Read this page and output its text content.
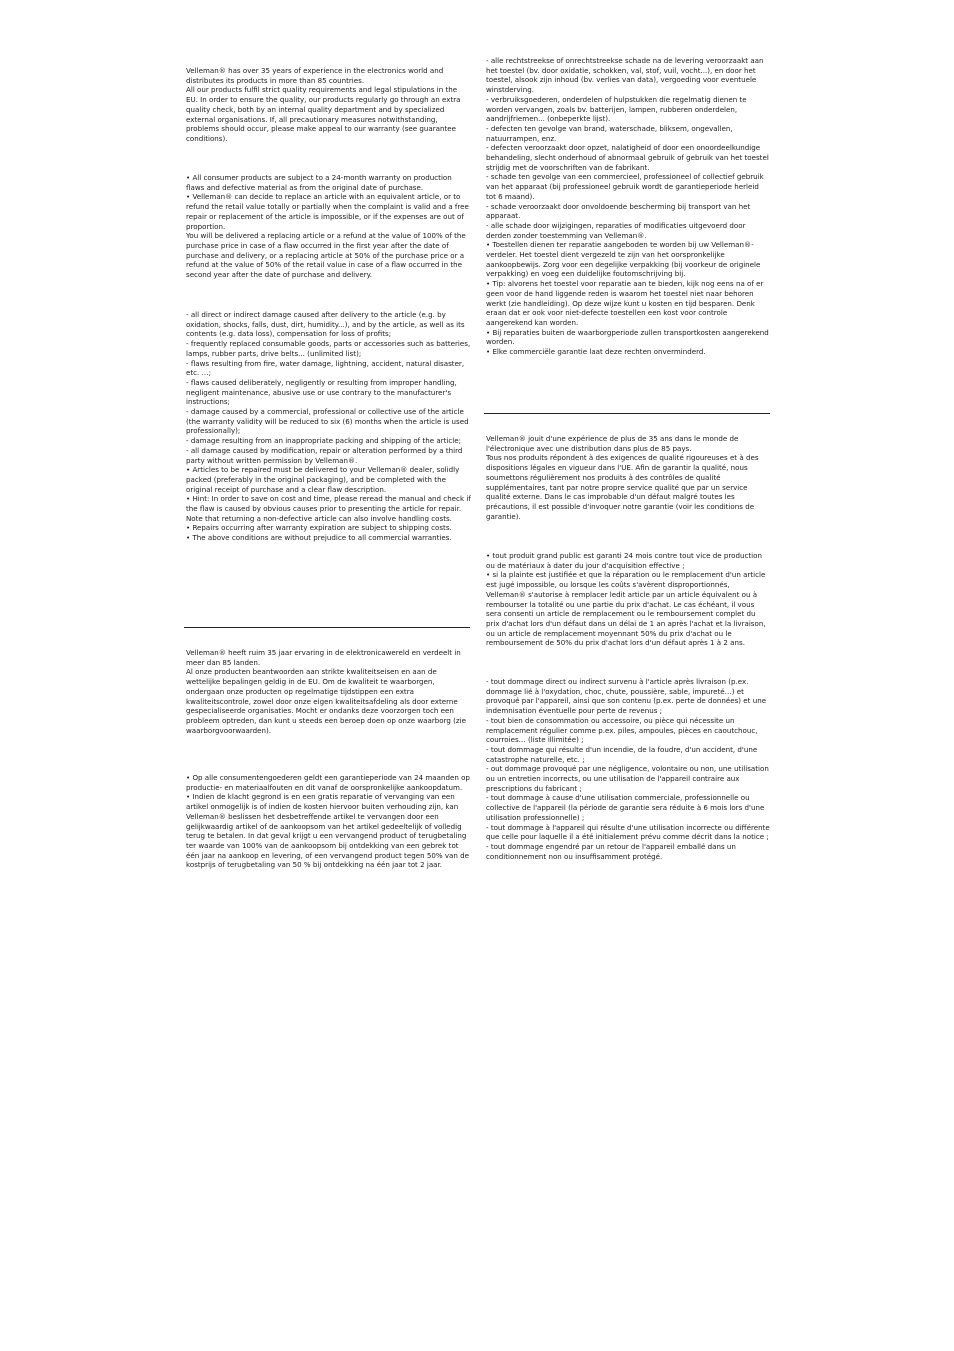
Velleman® has over 35 years of experience in the electronics world and distributes its products in more than 85 countries.

All our products fulfil strict quality requirements and legal stipulations in the EU. In order to ensure the quality, our products regularly go through an extra quality check, both by an internal quality department and by specialized external organisations. If, all precautionary measures notwithstanding, problems should occur, please make appeal to our warranty (see guarantee conditions).

• All consumer products are subject to a 24-month warranty on production flaws and defective material as from the original date of purchase.

• Velleman® can decide to replace an article with an equivalent article, or to refund the retail value totally or partially when the complaint is valid and a free repair or replacement of the article is impossible, or if the expenses are out of proportion.

You will be delivered a replacing article or a refund at the value of 100% of the purchase price in case of a flaw occurred in the first year after the date of purchase and delivery, or a replacing article at 50% of the purchase price or a refund at the value of 50% of the retail value in case of a flaw occurred in the second year after the date of purchase and delivery.

- all direct or indirect damage caused after delivery to the article (e.g. by oxidation, shocks, falls, dust, dirt, humidity...), and by the article, as well as its contents (e.g. data loss), compensation for loss of profits;

- frequently replaced consumable goods, parts or accessories such as batteries, lamps, rubber parts, drive belts... (unlimited list);

- flaws resulting from fire, water damage, lightning, accident, natural disaster, etc. …;

- flaws caused deliberately, negligently or resulting from improper handling, negligent maintenance, abusive use or use contrary to the manufacturer's instructions;

- damage caused by a commercial, professional or collective use of the article (the warranty validity will be reduced to six (6) months when the article is used professionally);

- damage resulting from an inappropriate packing and shipping of the article;

- all damage caused by modification, repair or alteration performed by a third party without written permission by Velleman®.

• Articles to be repaired must be delivered to your Velleman® dealer, solidly packed (preferably in the original packaging), and be completed with the original receipt of purchase and a clear flaw description.

• Hint: In order to save on cost and time, please reread the manual and check if the flaw is caused by obvious causes prior to presenting the article for repair. Note that returning a non-defective article can also involve handling costs.

• Repairs occurring after warranty expiration are subject to shipping costs.

• The above conditions are without prejudice to all commercial warranties.

Velleman® heeft ruim 35 jaar ervaring in de elektronicawereld en verdeelt in meer dan 85 landen.

Al onze producten beantwoorden aan strikte kwaliteitseisen en aan de wettelijke bepalingen geldig in de EU. Om de kwaliteit te waarborgen,

ondergaan onze producten op regelmatige tijdstippen een extra kwaliteitscontrole, zowel door onze eigen kwaliteitsafdeling als door externe gespecialiseerde organisaties. Mocht er ondanks deze voorzorgen toch een probleem optreden, dan kunt u steeds een beroep doen op onze waarborg (zie waarborgvoorwaarden).

• Op alle consumentengoederen geldt een garantieperiode van 24 maanden op productie- en materiaalfouten en dit vanaf de oorspronkelijke aankoopdatum.

• Indien de klacht gegrond is en een gratis reparatie of vervanging van een artikel onmogelijk is of indien de kosten hiervoor buiten verhouding zijn, kan Velleman® beslissen het desbetreffende artikel te vervangen door een gelijkwaardig artikel of de aankoopsom van het artikel gedeeltelijk of volledig terug te betalen. In dat geval krijgt u een vervangend product of terugbetaling ter waarde van 100% van de aankoopsom bij ontdekking van een gebrek tot één jaar na aankoop en levering, of een vervangend product tegen 50% van de kostprijs of terugbetaling van 50 % bij ontdekking na één jaar tot 2 jaar.

- alle rechtstreekse of onrechtstreekse schade na de levering veroorzaakt aan het toestel (bv. door oxidatie, schokken, val, stof, vuil, vocht...), en door het toestel, alsook zijn inhoud (bv. verlies van data), vergoeding voor eventuele winstderving.

- verbruiksgoederen, onderdelen of hulpstukken die regelmatig dienen te worden vervangen, zoals bv. batterijen, lampen, rubberen onderdelen, aandrijfriemen... (onbeperkte lijst).

- defecten ten gevolge van brand, waterschade, bliksem, ongevallen, natuurrampen, enz.

- defecten veroorzaakt door opzet, nalatigheid of door een onoordeelkundige behandeling, slecht onderhoud of abnormaal gebruik of gebruik van het toestel strijdig met de voorschriften van de fabrikant.

- schade ten gevolge van een commercieel, professioneel of collectief gebruik van het apparaat (bij professioneel gebruik wordt de garantieperiode herleid tot 6 maand).

- schade veroorzaakt door onvoldoende bescherming bij transport van het apparaat.

- alle schade door wijzigingen, reparaties of modificaties uitgevoerd door derden zonder toestemming van Velleman®.

• Toestellen dienen ter reparatie aangeboden te worden bij uw Velleman®-verdeler. Het toestel dient vergezeld te zijn van het oorspronkelijke aankoopbewijs. Zorg voor een degelijke verpakking (bij voorkeur de originele verpakking) en voeg een duidelijke foutomschrijving bij.

• Tip: alvorens het toestel voor reparatie aan te bieden, kijk nog eens na of er geen voor de hand liggende reden is waarom het toestel niet naar behoren werkt (zie handleiding). Op deze wijze kunt u kosten en tijd besparen. Denk eraan dat er ook voor niet-defecte toestellen een kost voor controle aangerekend kan worden.

• Bij reparaties buiten de waarborgperiode zullen transportkosten aangerekend worden.

• Elke commerciële garantie laat deze rechten onverminderd.

Velleman® jouit d'une expérience de plus de 35 ans dans le monde de l'électronique avec une distribution dans plus de 85 pays.

Tous nos produits répondent à des exigences de qualité rigoureuses et à des dispositions légales en vigueur dans l'UE. Afin de garantir la qualité, nous soumettons régulièrement nos produits à des contrôles de qualité supplémentaires, tant par notre propre service qualité que par un service qualité externe. Dans le cas improbable d'un défaut malgré toutes les précautions, il est possible d'invoquer notre garantie (voir les conditions de garantie).

• tout produit grand public est garanti 24 mois contre tout vice de production ou de matériaux à dater du jour d'acquisition effective ;

• si la plainte est justifiée et que la réparation ou le remplacement d'un article est jugé impossible, ou lorsque les coûts s'avèrent disproportionnés, Velleman® s'autorise à remplacer ledit article par un article équivalent ou à rembourser la totalité ou une partie du prix d'achat. Le cas échéant, il vous sera consenti un article de remplacement ou le remboursement complet du prix d'achat lors d'un défaut dans un délai de 1 an après l'achat et la livraison, ou un article de remplacement moyennant 50% du prix d'achat ou le remboursement de 50% du prix d'achat lors d'un défaut après 1 à 2 ans.

- tout dommage direct ou indirect survenu à l'article après livraison (p.ex. dommage lié à l'oxydation, choc, chute, poussière, sable, impureté…) et provoqué par l'appareil, ainsi que son contenu (p.ex. perte de données) et une indemnisation éventuelle pour perte de revenus ;

- tout bien de consommation ou accessoire, ou pièce qui nécessite un remplacement régulier comme p.ex. piles, ampoules, pièces en caoutchouc, courroies… (liste illimitée) ;

- tout dommage qui résulte d'un incendie, de la foudre, d'un accident, d'une catastrophe naturelle, etc. ;

- out dommage provoqué par une négligence, volontaire ou non, une utilisation ou un entretien incorrects, ou une utilisation de l'appareil contraire aux prescriptions du fabricant ;

- tout dommage à cause d'une utilisation commerciale, professionnelle ou collective de l'appareil (la période de garantie sera réduite à 6 mois lors d'une utilisation professionnelle) ;

- tout dommage à l'appareil qui résulte d'une utilisation incorrecte ou différente que celle pour laquelle il a été initialement prévu comme décrit dans la notice ;

- tout dommage engendré par un retour de l'appareil emballé dans un conditionnement non ou insuffisamment protégé.
